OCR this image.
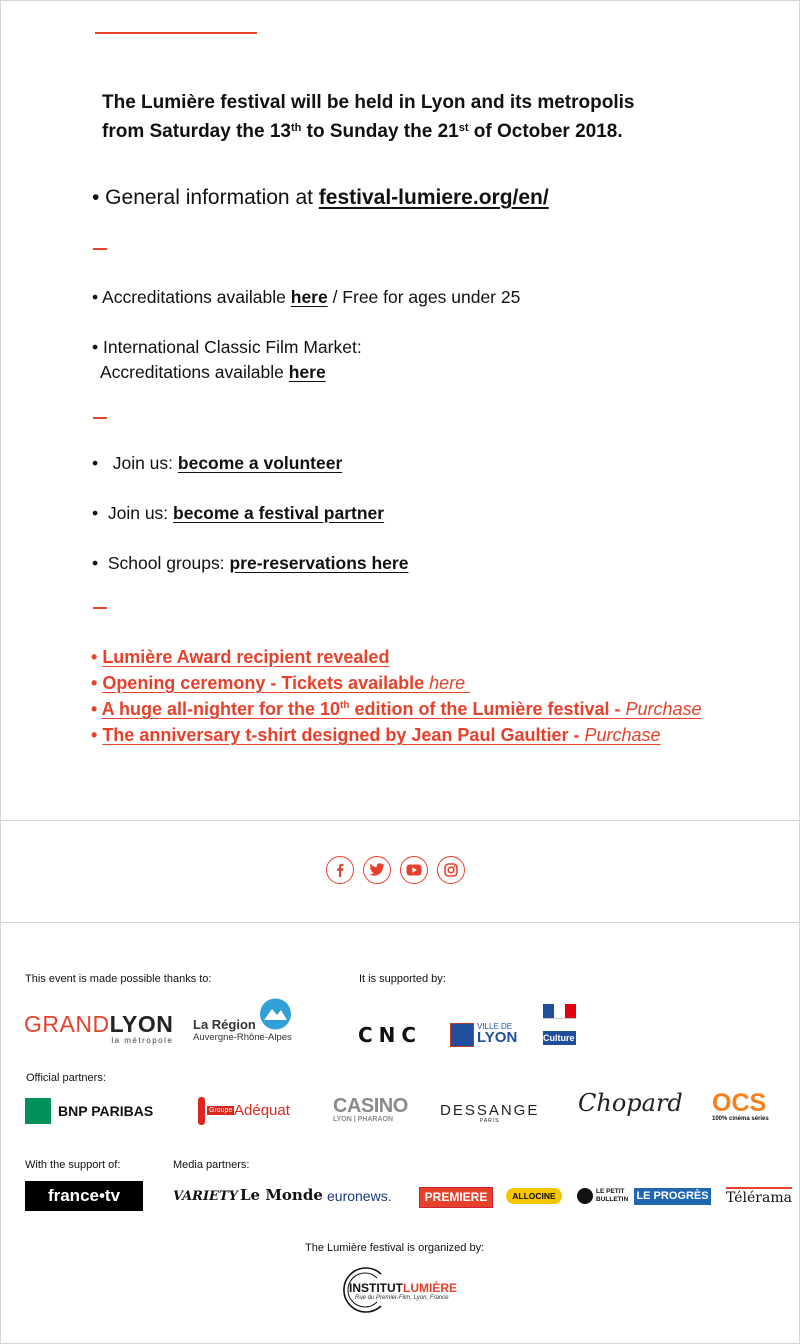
The Lumière festival will be held in Lyon and its metropolis
from Saturday the 13th to Sunday the 21st of October 2018.
• General information at festival-lumiere.org/en/
• Accreditations available here / Free for ages under 25
• International Classic Film Market:
Accreditations available here
•   Join us: become a volunteer
•  Join us: become a festival partner
•  School groups: pre-reservations here
• Lumière Award recipient revealed
• Opening ceremony - Tickets available here
• A huge all-nighter for the 10th edition of the Lumière festival - Purchase
• The anniversary t-shirt designed by Jean Paul Gaultier - Purchase
This event is made possible thanks to:	It is supported by:
GRANDLYON
la métropole
La Région
Auvergne-Rhône-Alpes	CNC	VILLE DE
LYON	Culture
Official partners:
BNP PARIBAS	Groupe Adéquat CASINO
LYON | PHARAON
DESSANGE
PARIS
Chopard OCS
100% cinéma séries
With the support of:	Media partners:
france•tv	VARIETY Le Monde euronews.	PREMIERE	ALLOCINE	LE PETIT
BULLETIN LE PROGRÈS Télérama
The Lumière festival is organized by:
INSTITUTLUMIÈRE
Rue du Premier-Film, Lyon, France
